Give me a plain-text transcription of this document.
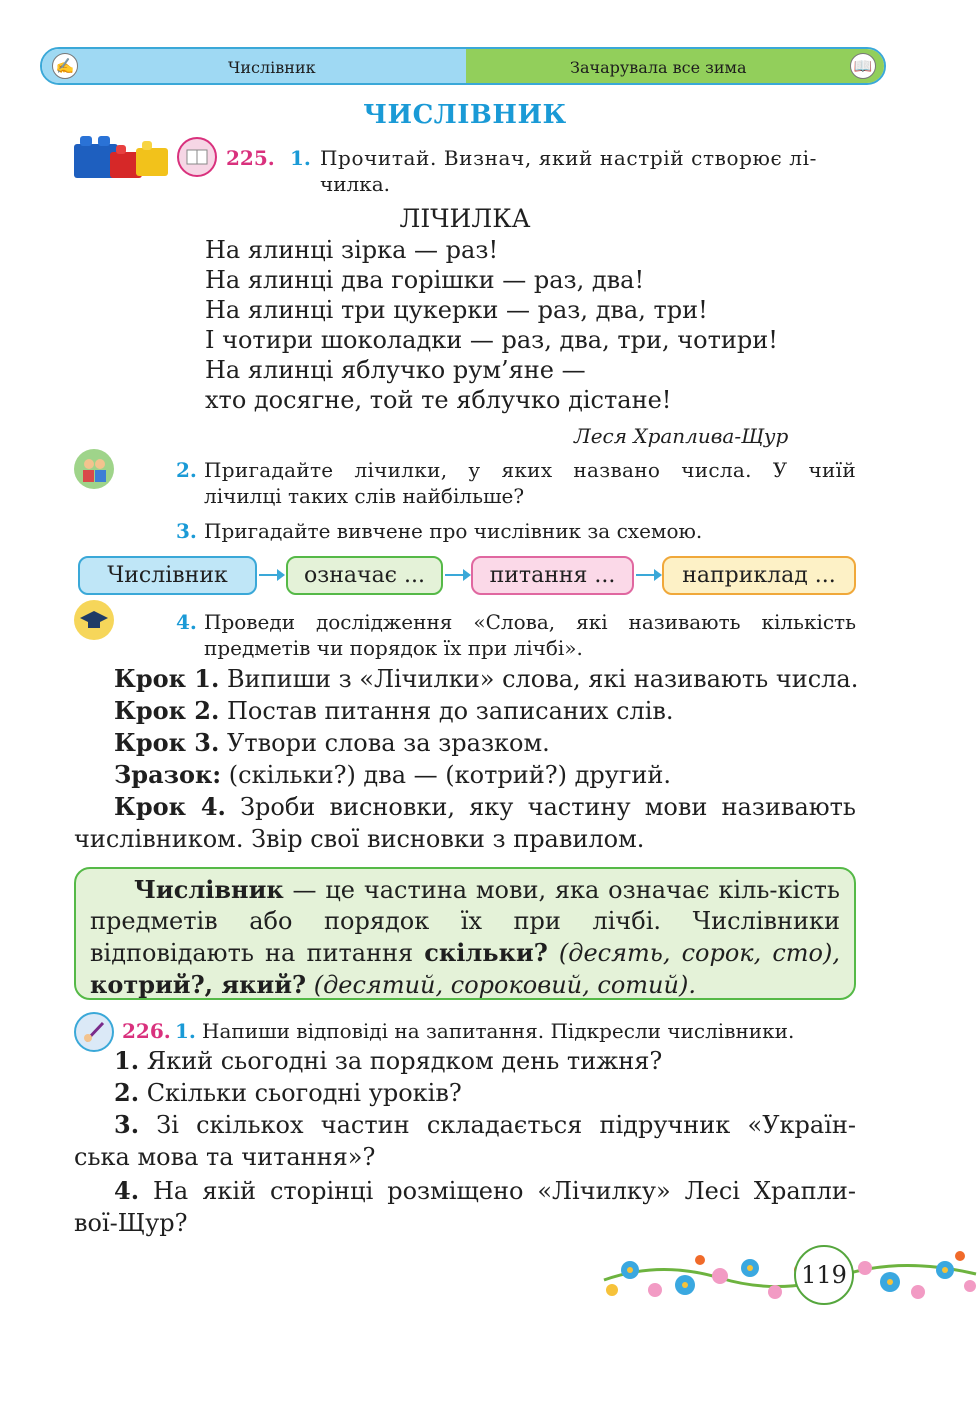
✍	Числівник	Зачарувала все зима	📖
ЧИСЛІВНИК
225. 1. Прочитай. Визнач, який настрій створює лі-
чилка.
ЛІЧИЛКА
На ялинці зірка — раз!
На ялинці два горішки — раз, два!
На ялинці три цукерки — раз, два, три!
І чотири шоколадки — раз, два, три, чотири!
На ялинці яблучко рум’яне —
хто досягне, той те яблучко дістане!
Леся Храплива-Щур
2. Пригадайте лічилки, у яких названо числа. У чиїй
лічилці таких слів найбільше?
3. Пригадайте вивчене про числівник за схемою.
Числівник	означає ...	питання ...	наприклад ...
4. Проведи дослідження «Слова, які називають кількість
предметів чи порядок їх при лічбі».
Крок 1. Випиши з «Лічилки» слова, які називають числа.
Крок 2. Постав питання до записаних слів.
Крок 3. Утвори слова за зразком.
Зразок: (скільки?) два — (котрий?) другий.
Крок 4. Зроби висновки, яку частину мови називають
числівником. Звір свої висновки з правилом.
Числівник — це частина мови, яка означає кіль-кість предметів або порядок їх при лічбі. Числівники відповідають на питання скільки? (десять, сорок, сто), котрий?, який? (десятий, сороковий, сотий).
226. 1. Напиши відповіді на запитання. Підкресли числівники.
1. Який сьогодні за порядком день тижня?
2. Скільки сьогодні уроків?
3. Зі скількох частин складається підручник «Україн-
ська мова та читання»?
4. На якій сторінці розміщено «Лічилку» Лесі Храпли-
вої-Щур?
119
